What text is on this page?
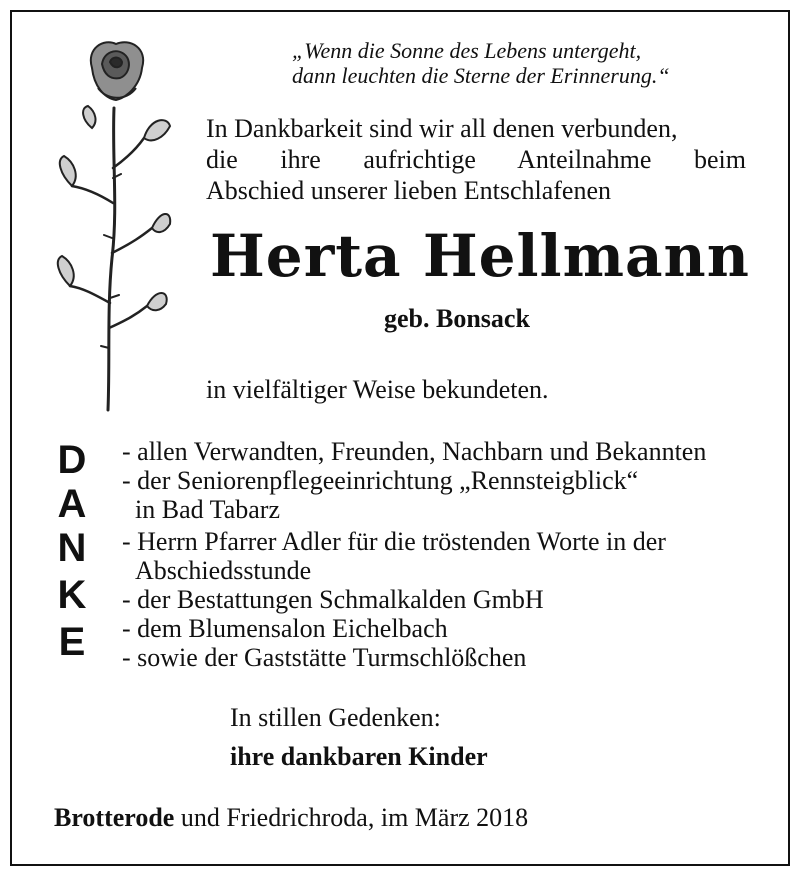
„Wenn die Sonne des Lebens untergeht,
dann leuchten die Sterne der Erinnerung.“
In Dankbarkeit sind wir all denen verbunden,
die ihre aufrichtige Anteilnahme beim
Abschied unserer lieben Entschlafenen
Herta Hellmann
geb. Bonsack
in vielfältiger Weise bekundeten.
D
A
N
K
E
- allen Verwandten, Freunden, Nachbarn und Bekannten
- der Seniorenpflegeeinrichtung „Rennsteigblick“
in Bad Tabarz
- Herrn Pfarrer Adler für die tröstenden Worte in der
Abschiedsstunde
- der Bestattungen Schmalkalden GmbH
- dem Blumensalon Eichelbach
- sowie der Gaststätte Turmschlößchen
In stillen Gedenken:
ihre dankbaren Kinder
Brotterode und Friedrichroda, im März 2018
